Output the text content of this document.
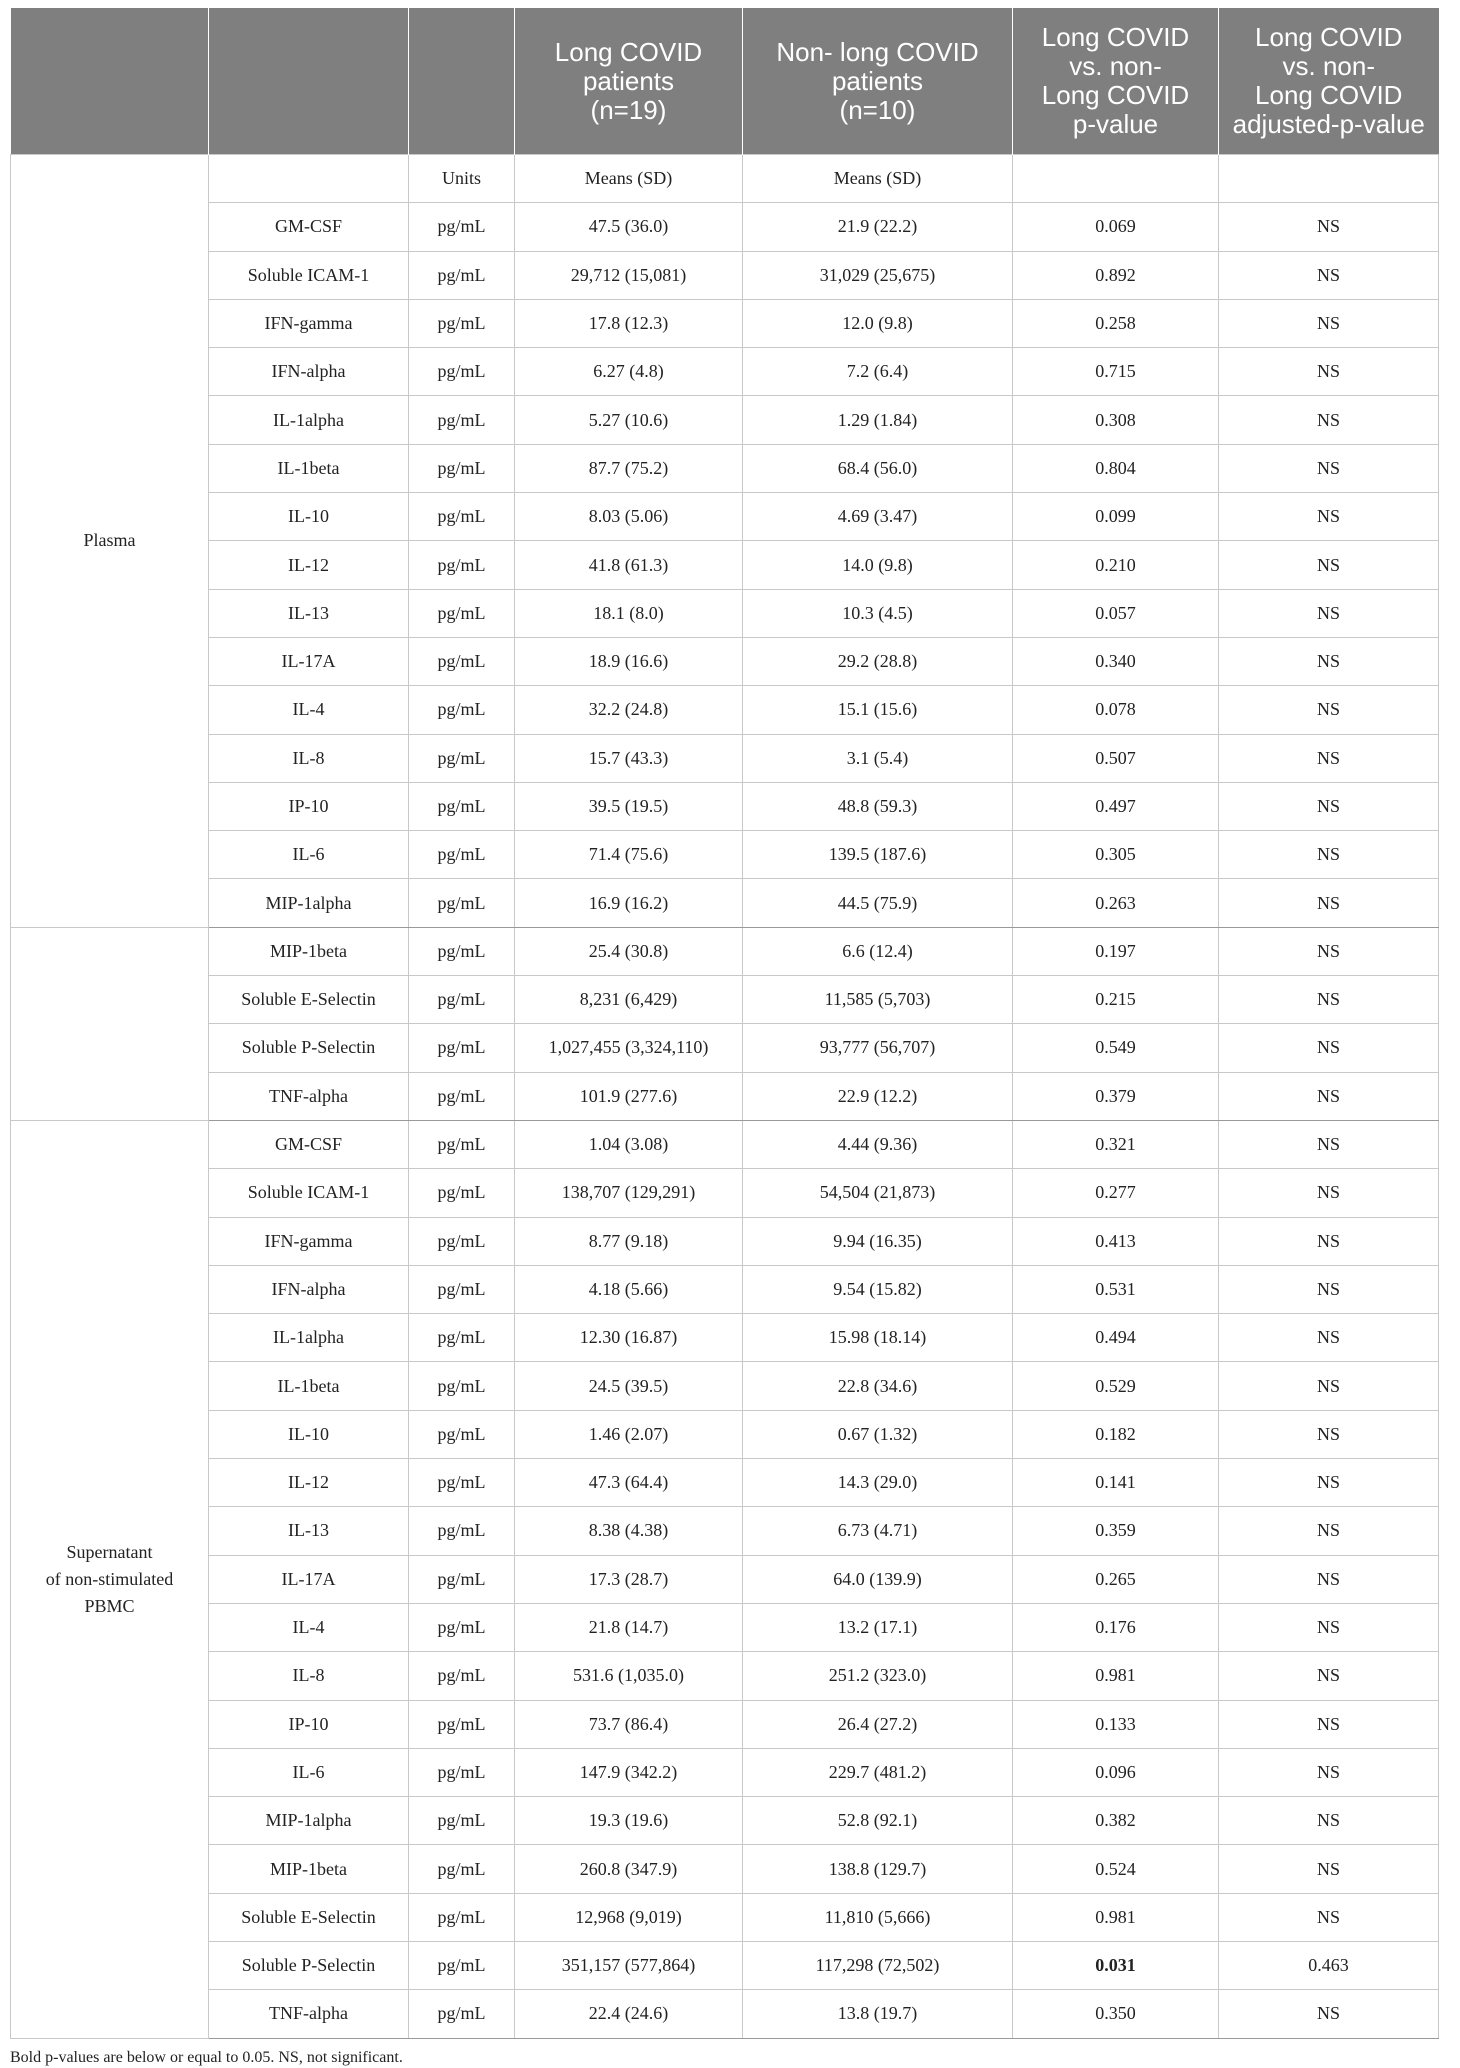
			Long COVID
patients
(n=19)	Non- long COVID
patients
(n=10)	Long COVID
vs. non-
Long COVID
p-value	Long COVID
vs. non-
Long COVID
adjusted-p-value

Plasma		Units	Means (SD)	Means (SD)		
	GM-CSF	pg/mL	47.5 (36.0)	21.9 (22.2)	0.069	NS
	Soluble ICAM-1	pg/mL	29,712 (15,081)	31,029 (25,675)	0.892	NS
	IFN-gamma	pg/mL	17.8 (12.3)	12.0 (9.8)	0.258	NS
	IFN-alpha	pg/mL	6.27 (4.8)	7.2 (6.4)	0.715	NS
	IL-1alpha	pg/mL	5.27 (10.6)	1.29 (1.84)	0.308	NS
	IL-1beta	pg/mL	87.7 (75.2)	68.4 (56.0)	0.804	NS
	IL-10	pg/mL	8.03 (5.06)	4.69 (3.47)	0.099	NS
	IL-12	pg/mL	41.8 (61.3)	14.0 (9.8)	0.210	NS
	IL-13	pg/mL	18.1 (8.0)	10.3 (4.5)	0.057	NS
	IL-17A	pg/mL	18.9 (16.6)	29.2 (28.8)	0.340	NS
	IL-4	pg/mL	32.2 (24.8)	15.1 (15.6)	0.078	NS
	IL-8	pg/mL	15.7 (43.3)	3.1 (5.4)	0.507	NS
	IP-10	pg/mL	39.5 (19.5)	48.8 (59.3)	0.497	NS
	IL-6	pg/mL	71.4 (75.6)	139.5 (187.6)	0.305	NS
	MIP-1alpha	pg/mL	16.9 (16.2)	44.5 (75.9)	0.263	NS
	MIP-1beta	pg/mL	25.4 (30.8)	6.6 (12.4)	0.197	NS
	Soluble E-Selectin	pg/mL	8,231 (6,429)	11,585 (5,703)	0.215	NS
	Soluble P-Selectin	pg/mL	1,027,455 (3,324,110)	93,777 (56,707)	0.549	NS
	TNF-alpha	pg/mL	101.9 (277.6)	22.9 (12.2)	0.379	NS

Supernatant
of non-stimulated
PBMC	GM-CSF	pg/mL	1.04 (3.08)	4.44 (9.36)	0.321	NS
	Soluble ICAM-1	pg/mL	138,707 (129,291)	54,504 (21,873)	0.277	NS
	IFN-gamma	pg/mL	8.77 (9.18)	9.94 (16.35)	0.413	NS
	IFN-alpha	pg/mL	4.18 (5.66)	9.54 (15.82)	0.531	NS
	IL-1alpha	pg/mL	12.30 (16.87)	15.98 (18.14)	0.494	NS
	IL-1beta	pg/mL	24.5 (39.5)	22.8 (34.6)	0.529	NS
	IL-10	pg/mL	1.46 (2.07)	0.67 (1.32)	0.182	NS
	IL-12	pg/mL	47.3 (64.4)	14.3 (29.0)	0.141	NS
	IL-13	pg/mL	8.38 (4.38)	6.73 (4.71)	0.359	NS
	IL-17A	pg/mL	17.3 (28.7)	64.0 (139.9)	0.265	NS
	IL-4	pg/mL	21.8 (14.7)	13.2 (17.1)	0.176	NS
	IL-8	pg/mL	531.6 (1,035.0)	251.2 (323.0)	0.981	NS
	IP-10	pg/mL	73.7 (86.4)	26.4 (27.2)	0.133	NS
	IL-6	pg/mL	147.9 (342.2)	229.7 (481.2)	0.096	NS
	MIP-1alpha	pg/mL	19.3 (19.6)	52.8 (92.1)	0.382	NS
	MIP-1beta	pg/mL	260.8 (347.9)	138.8 (129.7)	0.524	NS
	Soluble E-Selectin	pg/mL	12,968 (9,019)	11,810 (5,666)	0.981	NS
	Soluble P-Selectin	pg/mL	351,157 (577,864)	117,298 (72,502)	0.031	0.463
	TNF-alpha	pg/mL	22.4 (24.6)	13.8 (19.7)	0.350	NS
Bold p-values are below or equal to 0.05. NS, not significant.
